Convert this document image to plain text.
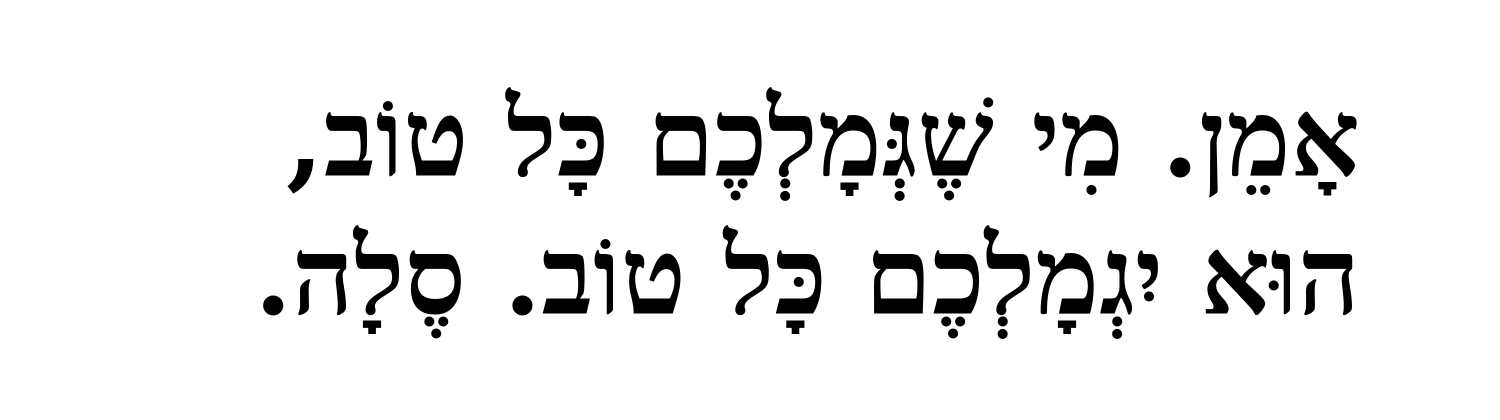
אָמֵן. מִי שֶׁגְּמָלְכֶם כָּל טוֹב,
הוּא יִגְמָלְכֶם כָּל טוֹב. סֶלָה.
